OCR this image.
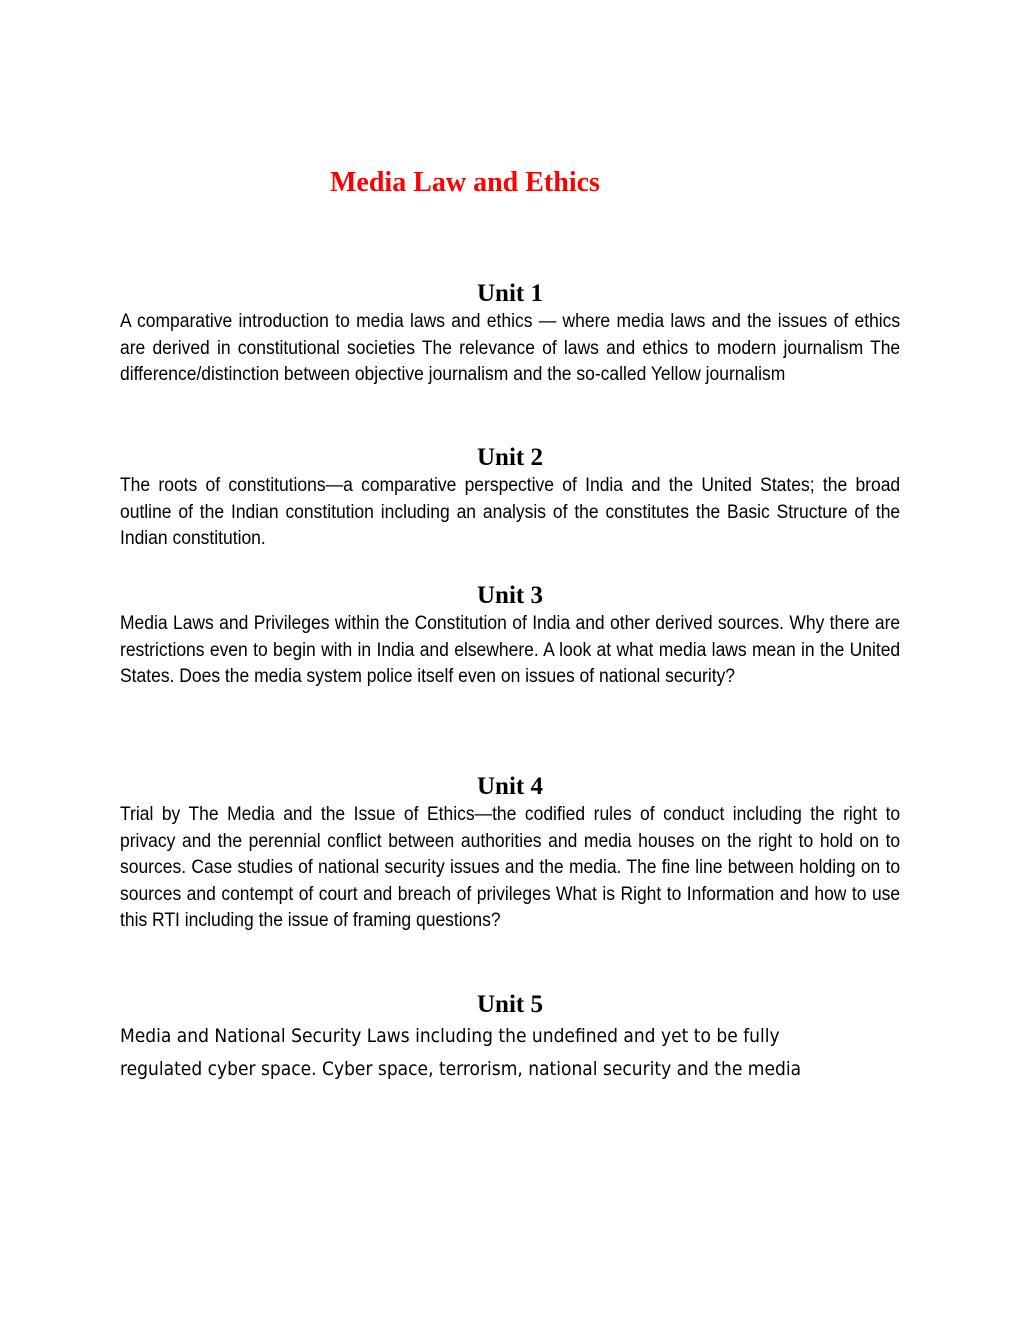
Media Law and Ethics
Unit 1

A comparative introduction to media laws and ethics — where media laws and the issues of ethics are derived in constitutional societies The relevance of laws and ethics to modern journalism The difference/distinction between objective journalism and the so-called Yellow journalism

Unit 2

The roots of constitutions—a comparative perspective of India and the United States; the broad outline of the Indian constitution including an analysis of the constitutes the Basic Structure of the Indian constitution.

Unit 3

Media Laws and Privileges within the Constitution of India and other derived sources. Why there are restrictions even to begin with in India and elsewhere. A look at what media laws mean in the United States. Does the media system police itself even on issues of national security?

Unit 4

Trial by The Media and the Issue of Ethics—the codified rules of conduct including the right to privacy and the perennial conflict between authorities and media houses on the right to hold on to sources. Case studies of national security issues and the media. The fine line between holding on to sources and contempt of court and breach of privileges What is Right to Information and how to use this RTI including the issue of framing questions?

Unit 5

Media and National Security Laws including the undefined and yet to be fully regulated cyber space. Cyber space, terrorism, national security and the media
